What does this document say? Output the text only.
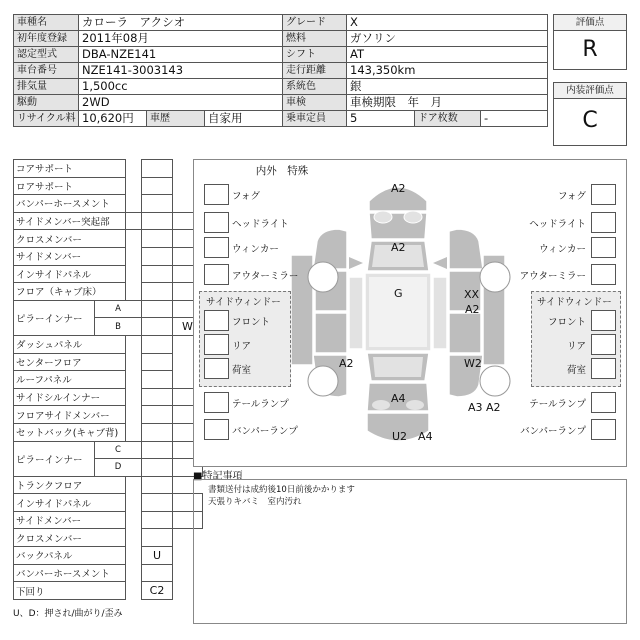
車種名	カローラ　アクシオ			グレード	X		
初年度登録	2011年08月			燃料	ガソリン		
認定型式	DBA-NZE141			シフト	AT		
車台番号	NZE141-3003143			走行距離	143,350km		
排気量	1,500cc			系統色	銀		
駆動	2WD			車検	車検期限　年　月		
リサイクル料	10,620円	車歴	自家用	乗車定員	5	ドア枚数	-
評価点
R
内装評価点
C
コアサポート				
ロアサポート				
バンパーホースメント				
サイドメンバー突起部				
クロスメンバー				
サイドメンバー				
インサイドパネル				
フロア（キャブ床）				
ピラーインナー	A			
	B			W
ダッシュパネル				
センターフロア				
ルーフパネル				
サイドシルインナー				
フロアサイドメンバー				
セットバック(キャブ背)				
ピラーインナー	C			
	D			
トランクフロア				
インサイドパネル				
サイドメンバー				
クロスメンバー				
バックパネル			U	
バンパーホースメント				
下回り			C2	
U、D：押され/曲がり/歪み
内外　特殊
フォグ
ヘッドライト
ウィンカー
アウターミラー
テールランプ
バンパーランプ
フォグ
ヘッドライト
ウィンカー
アウターミラー
テールランプ
バンパーランプ
サイドウィンドー	サイドウィンドー
フロント	フロント
リア	リア
荷室	荷室
A2
A2
G	XX
A2
A2	W2
A4
A3 A2
U2　A4
■特記事項
書類送付は成約後10日前後かかります
天張りキバミ　室内汚れ
